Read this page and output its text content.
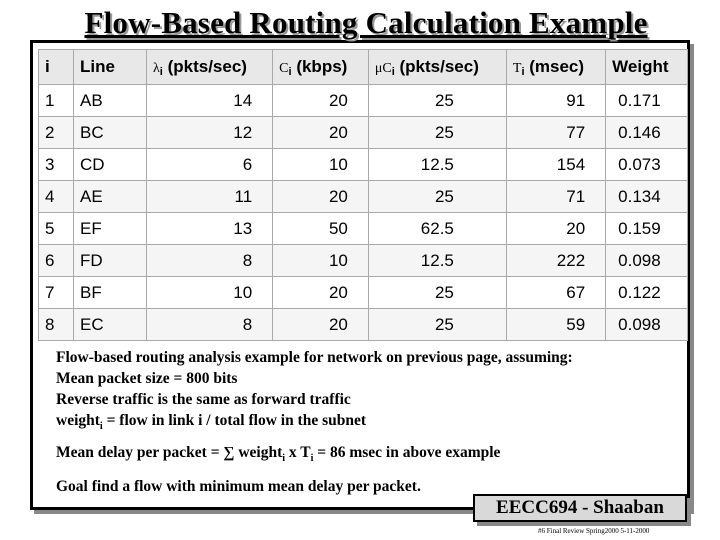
Flow-Based Routing Calculation Example
i	Line	$\lambda_i$ (pkts/sec)	$C_i$ (kbps)	$\mu C_i$ (pkts/sec)	$T_i$ (msec)	Weight
1	AB	14	20	25	91	0.171
2	BC	12	20	25	77	0.146
3	CD	6	10	12.5	154	0.073
4	AE	11	20	25	71	0.134
5	EF	13	50	62.5	20	0.159
6	FD	8	10	12.5	222	0.098
7	BF	10	20	25	67	0.122
8	EC	8	20	25	59	0.098
Flow-based routing analysis example for network on previous page, assuming:
Mean packet size = 800 bits
Reverse traffic is the same as forward traffic
weight$_i$ = flow in link i / total flow in the subnet
Mean delay per packet = ∑ weight$_i$ x $T_i = 86$ msec in above example
Goal find a flow with minimum mean delay per packet.
EECC694 - Shaaban
#6 Final Review Spring2000 5-11-2000
